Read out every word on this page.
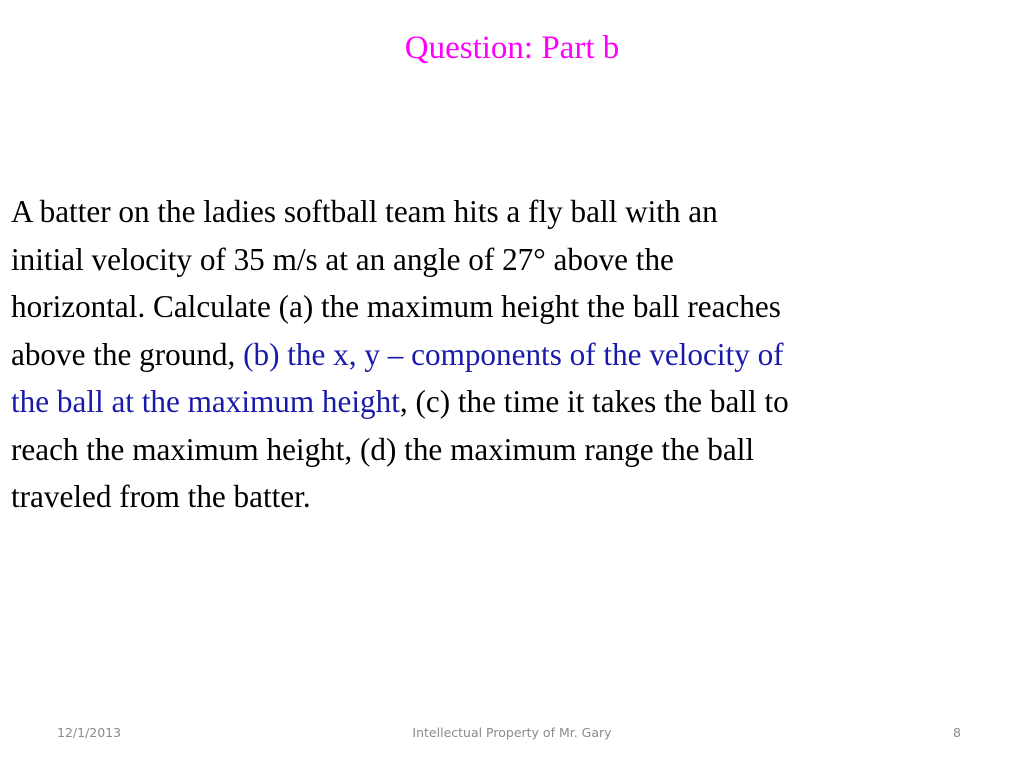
Question: Part b
A batter on the ladies softball team hits a fly ball with an
initial velocity of 35 m/s at an angle of 27° above the
horizontal. Calculate (a) the maximum height the ball reaches
above the ground, (b) the x, y – components of the velocity of
the ball at the maximum height, (c) the time it takes the ball to
reach the maximum height, (d) the maximum range the ball
traveled from the batter.
12/1/2013	Intellectual Property of Mr. Gary	8
